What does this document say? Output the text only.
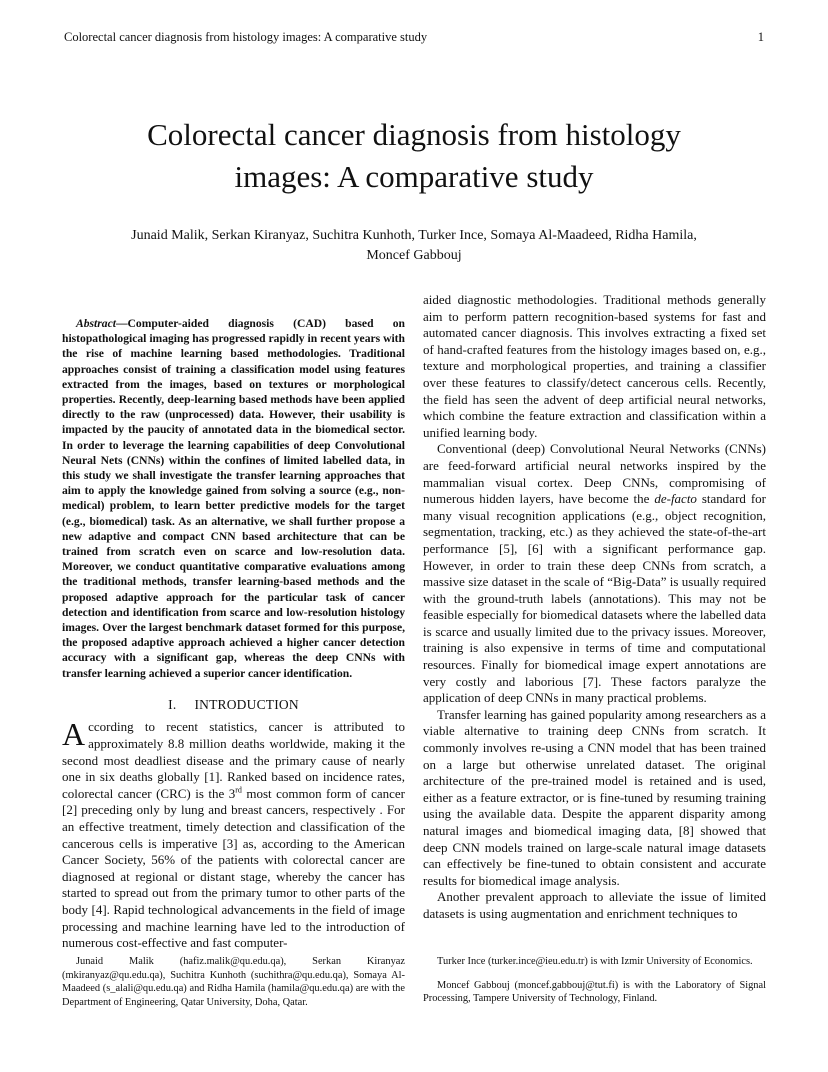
Colorectal cancer diagnosis from histology images: A comparative study	1
Colorectal cancer diagnosis from histology
images: A comparative study
Junaid Malik, Serkan Kiranyaz, Suchitra Kunhoth, Turker Ince, Somaya Al-Maadeed, Ridha Hamila,
Moncef Gabbouj

Abstract—Computer-aided diagnosis (CAD) based on histopathological imaging has progressed rapidly in recent years with the rise of machine learning based methodologies. Traditional approaches consist of training a classification model using features extracted from the images, based on textures or morphological properties. Recently, deep-learning based methods have been applied directly to the raw (unprocessed) data. However, their usability is impacted by the paucity of annotated data in the biomedical sector. In order to leverage the learning capabilities of deep Convolutional Neural Nets (CNNs) within the confines of limited labelled data, in this study we shall investigate the transfer learning approaches that aim to apply the knowledge gained from solving a source (e.g., non-medical) problem, to learn better predictive models for the target (e.g., biomedical) task. As an alternative, we shall further propose a new adaptive and compact CNN based architecture that can be trained from scratch even on scarce and low-resolution data. Moreover, we conduct quantitative comparative evaluations among the traditional methods, transfer learning-based methods and the proposed adaptive approach for the particular task of cancer detection and identification from scarce and low-resolution histology images. Over the largest benchmark dataset formed for this purpose, the proposed adaptive approach achieved a higher cancer detection accuracy with a significant gap, whereas the deep CNNs with transfer learning achieved a superior cancer identification.

I. INTRODUCTION

According to recent statistics, cancer is attributed to approximately 8.8 million deaths worldwide, making it the second most deadliest disease and the primary cause of nearly one in six deaths globally [1]. Ranked based on incidence rates, colorectal cancer (CRC) is the 3rd most common form of cancer [2] preceding only by lung and breast cancers, respectively . For an effective treatment, timely detection and classification of the cancerous cells is imperative [3] as, according to the American Cancer Society, 56% of the patients with colorectal cancer are diagnosed at regional or distant stage, whereby the cancer has started to spread out from the primary tumor to other parts of the body [4]. Rapid technological advancements in the field of image processing and machine learning have led to the introduction of numerous cost-effective and fast computer-

aided diagnostic methodologies. Traditional methods generally aim to perform pattern recognition-based systems for fast and automated cancer diagnosis. This involves extracting a fixed set of hand-crafted features from the histology images based on, e.g., texture and morphological properties, and training a classifier over these features to classify/detect cancerous cells. Recently, the field has seen the advent of deep artificial neural networks, which combine the feature extraction and classification within a unified learning body.

Conventional (deep) Convolutional Neural Networks (CNNs) are feed-forward artificial neural networks inspired by the mammalian visual cortex. Deep CNNs, compromising of numerous hidden layers, have become the de-facto standard for many visual recognition applications (e.g., object recognition, segmentation, tracking, etc.) as they achieved the state-of-the-art performance [5], [6] with a significant performance gap. However, in order to train these deep CNNs from scratch, a massive size dataset in the scale of “Big-Data” is usually required with the ground-truth labels (annotations). This may not be feasible especially for biomedical datasets where the labelled data is scarce and usually limited due to the privacy issues. Moreover, training is also expensive in terms of time and computational resources. Finally for biomedical image expert annotations are very costly and laborious [7]. These factors paralyze the application of deep CNNs in many practical problems.

Transfer learning has gained popularity among researchers as a viable alternative to training deep CNNs from scratch. It commonly involves re-using a CNN model that has been trained on a large but otherwise unrelated dataset. The original architecture of the pre-trained model is retained and is used, either as a feature extractor, or is fine-tuned by resuming training using the available data. Despite the apparent disparity among natural images and biomedical imaging data, [8] showed that deep CNN models trained on large-scale natural image datasets can effectively be fine-tuned to obtain consistent and accurate results for biomedical image analysis.

Another prevalent approach to alleviate the issue of limited datasets is using augmentation and enrichment techniques to

Junaid Malik (hafiz.malik@qu.edu.qa), Serkan Kiranyaz (mkiranyaz@qu.edu.qa), Suchitra Kunhoth (suchithra@qu.edu.qa), Somaya Al-Maadeed (s_alali@qu.edu.qa) and Ridha Hamila (hamila@qu.edu.qa) are with the Department of Engineering, Qatar University, Doha, Qatar.

Turker Ince (turker.ince@ieu.edu.tr) is with Izmir University of Economics.

Moncef Gabbouj (moncef.gabbouj@tut.fi) is with the Laboratory of Signal Processing, Tampere University of Technology, Finland.
